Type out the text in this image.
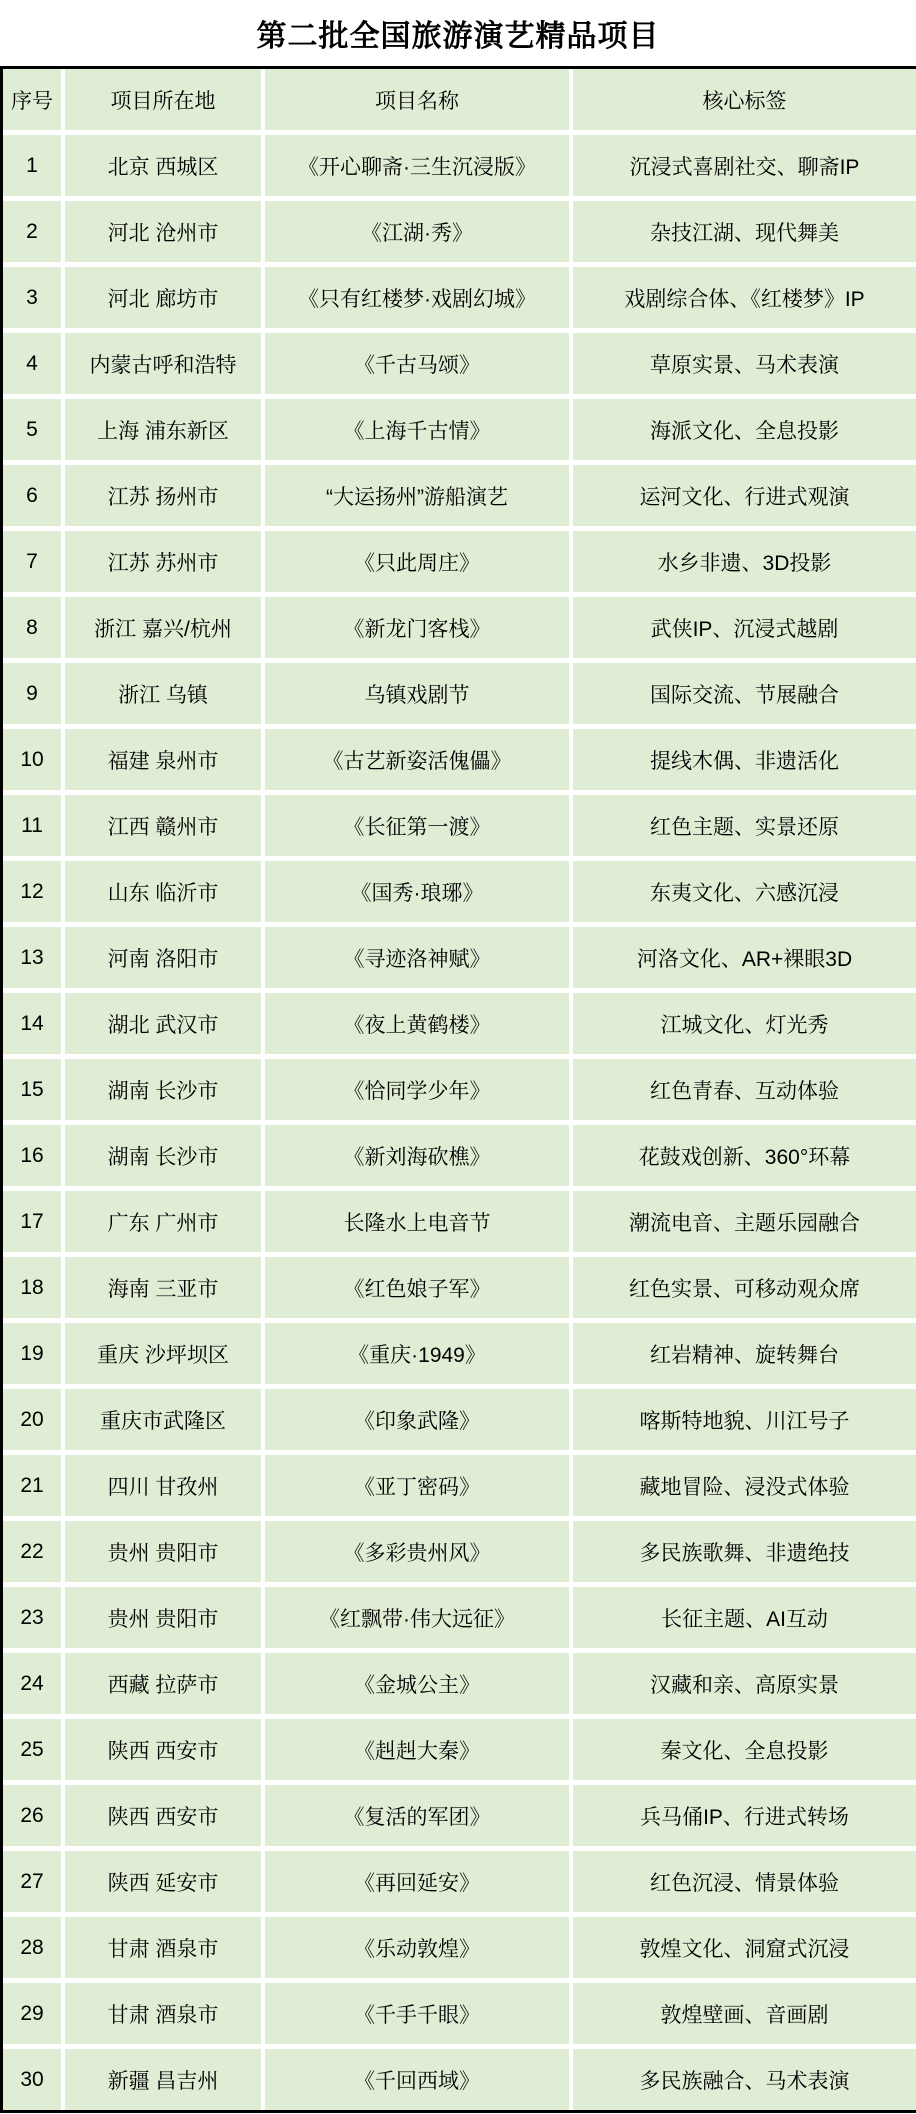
第二批全国旅游演艺精品项目
序号	项目所在地	项目名称	核心标签
1	北京 西城区	《开心聊斋·三生沉浸版》	沉浸式喜剧社交、聊斋IP
2	河北 沧州市	《江湖·秀》	杂技江湖、现代舞美
3	河北 廊坊市	《只有红楼梦·戏剧幻城》	戏剧综合体、《红楼梦》IP
4	内蒙古呼和浩特	《千古马颂》	草原实景、马术表演
5	上海 浦东新区	《上海千古情》	海派文化、全息投影
6	江苏 扬州市	“大运扬州”游船演艺	运河文化、行进式观演
7	江苏 苏州市	《只此周庄》	水乡非遗、3D投影
8	浙江 嘉兴/杭州	《新龙门客栈》	武侠IP、沉浸式越剧
9	浙江 乌镇	乌镇戏剧节	国际交流、节展融合
10	福建 泉州市	《古艺新姿活傀儡》	提线木偶、非遗活化
11	江西 赣州市	《长征第一渡》	红色主题、实景还原
12	山东 临沂市	《国秀·琅琊》	东夷文化、六感沉浸
13	河南 洛阳市	《寻迹洛神赋》	河洛文化、AR+裸眼3D
14	湖北 武汉市	《夜上黄鹤楼》	江城文化、灯光秀
15	湖南 长沙市	《恰同学少年》	红色青春、互动体验
16	湖南 长沙市	《新刘海砍樵》	花鼓戏创新、360°环幕
17	广东 广州市	长隆水上电音节	潮流电音、主题乐园融合
18	海南 三亚市	《红色娘子军》	红色实景、可移动观众席
19	重庆 沙坪坝区	《重庆·1949》	红岩精神、旋转舞台
20	重庆市武隆区	《印象武隆》	喀斯特地貌、川江号子
21	四川 甘孜州	《亚丁密码》	藏地冒险、浸没式体验
22	贵州 贵阳市	《多彩贵州风》	多民族歌舞、非遗绝技
23	贵州 贵阳市	《红飘带·伟大远征》	长征主题、AI互动
24	西藏 拉萨市	《金城公主》	汉藏和亲、高原实景
25	陕西 西安市	《赳赳大秦》	秦文化、全息投影
26	陕西 西安市	《复活的军团》	兵马俑IP、行进式转场
27	陕西 延安市	《再回延安》	红色沉浸、情景体验
28	甘肃 酒泉市	《乐动敦煌》	敦煌文化、洞窟式沉浸
29	甘肃 酒泉市	《千手千眼》	敦煌壁画、音画剧
30	新疆 昌吉州	《千回西域》	多民族融合、马术表演
